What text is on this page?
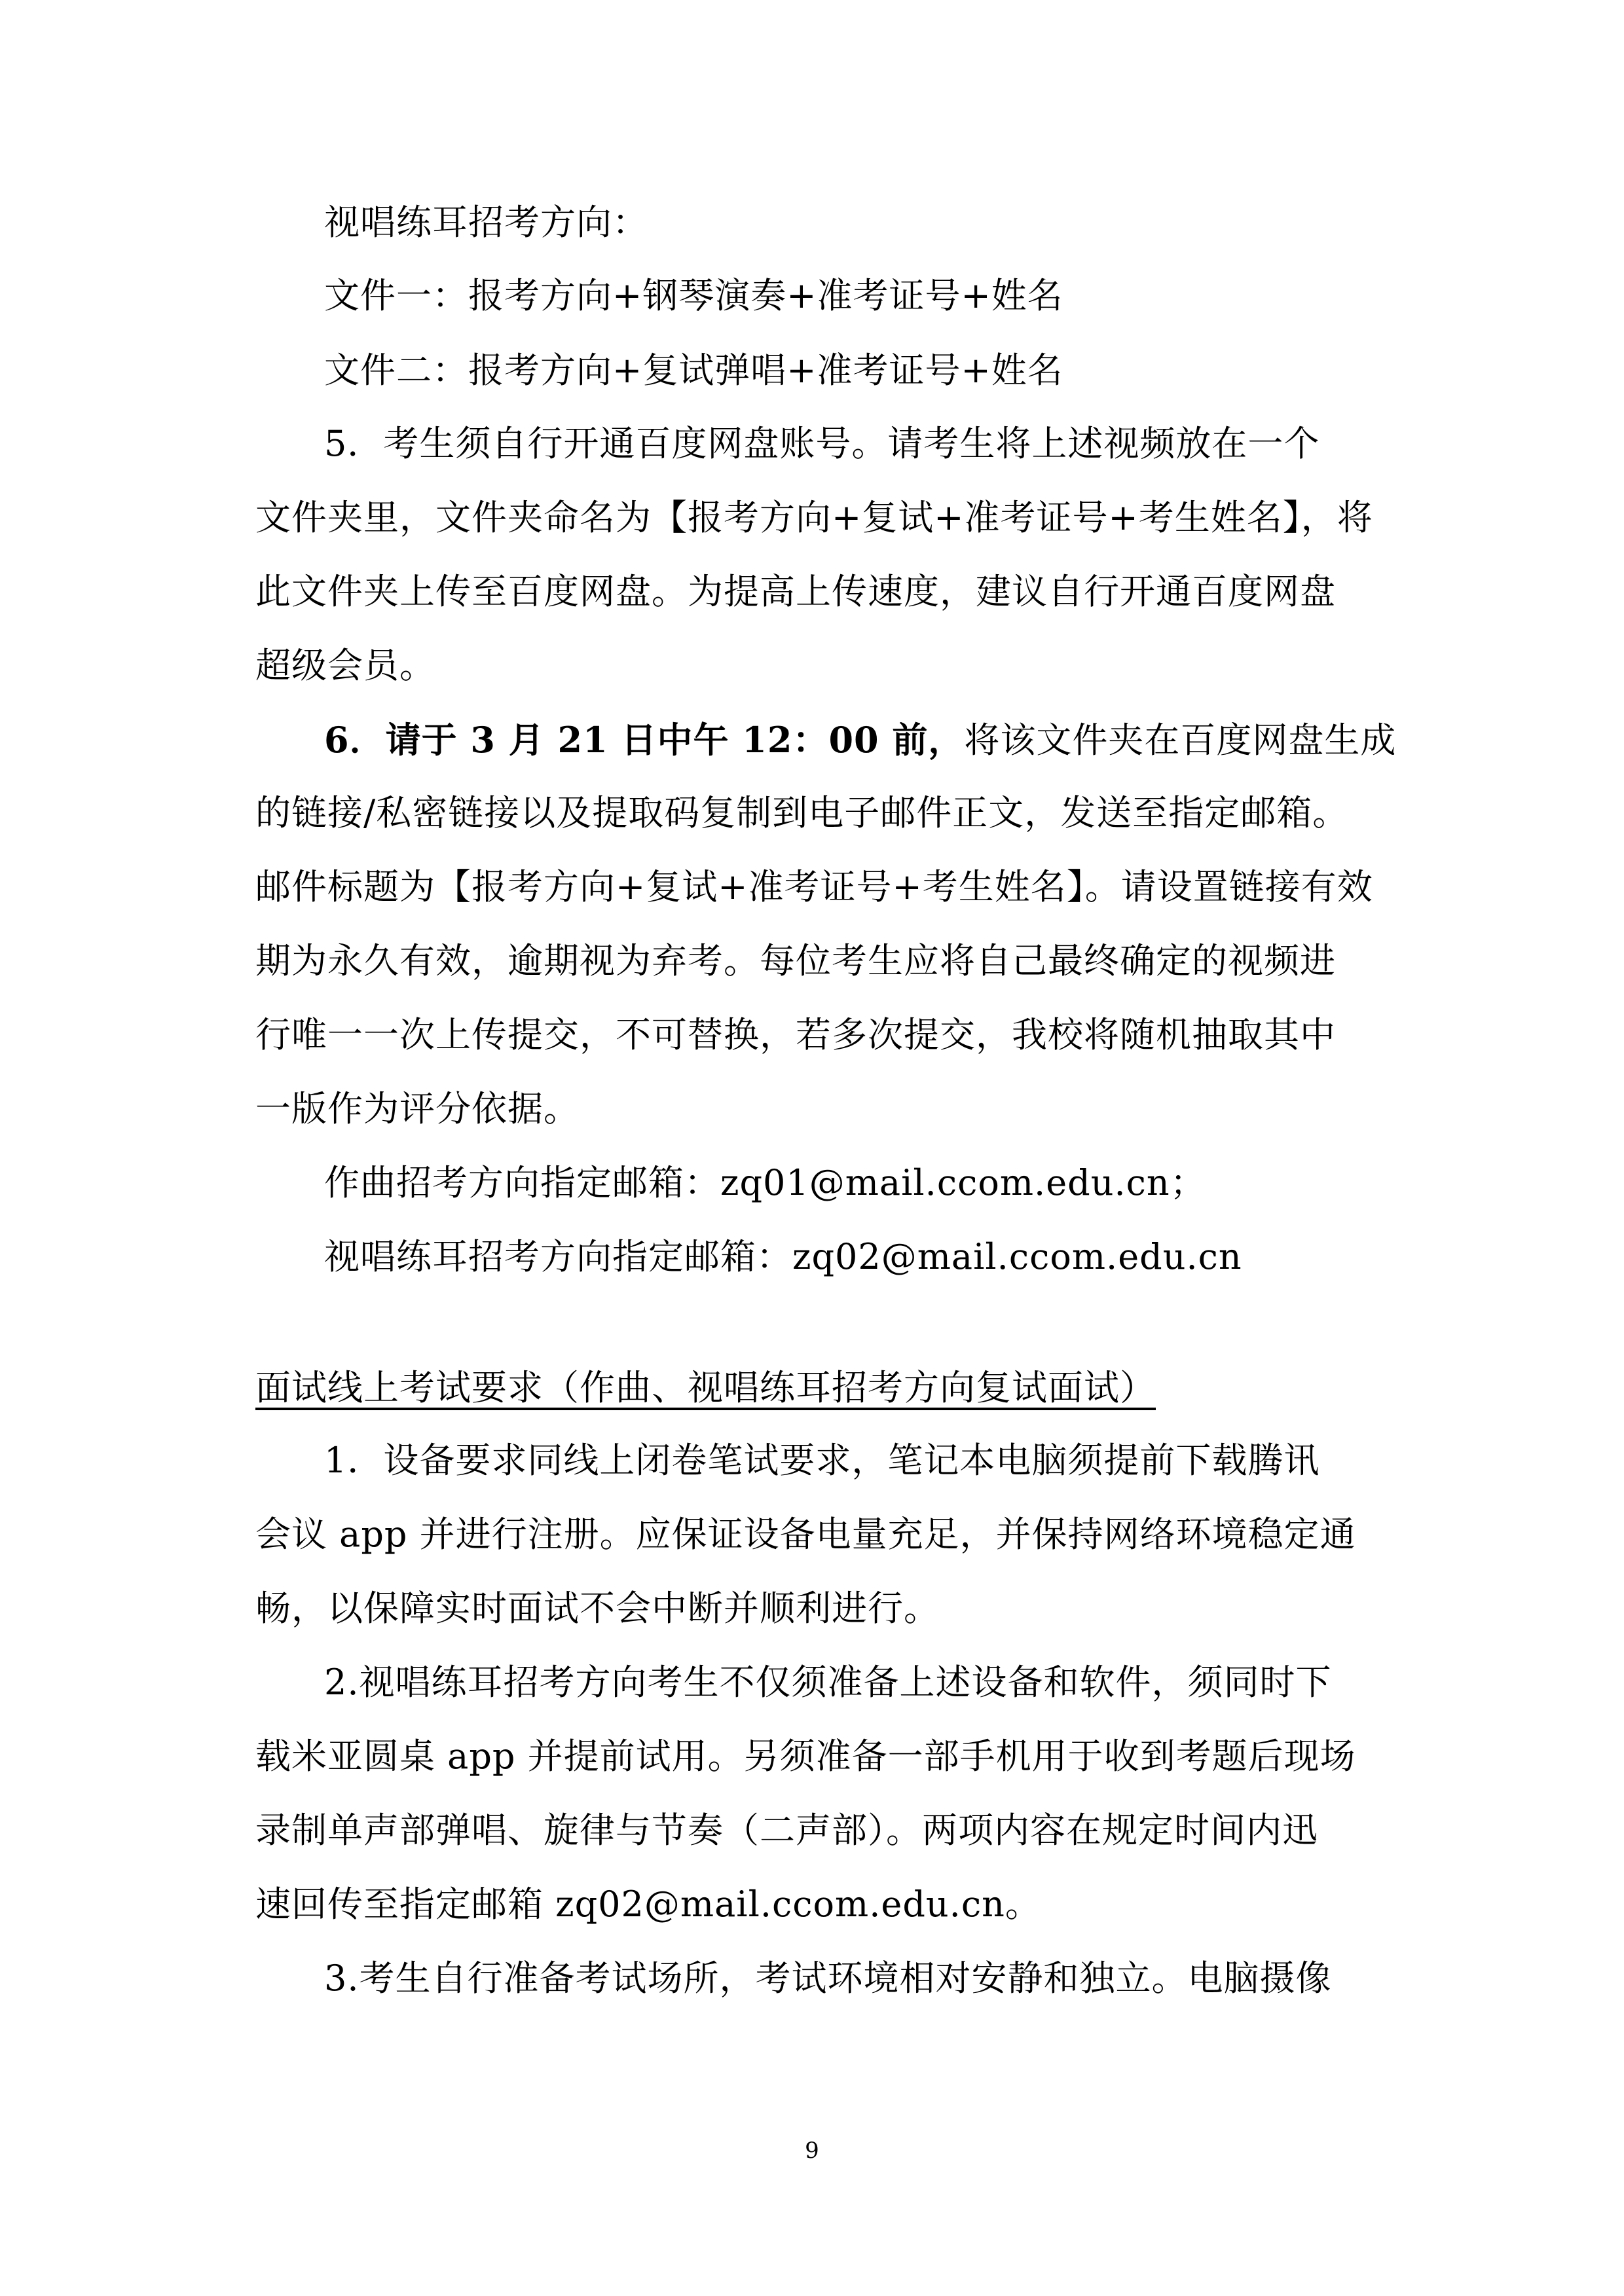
视唱练耳招考方向：
文件一：报考方向+钢琴演奏+准考证号+姓名
文件二：报考方向+复试弹唱+准考证号+姓名
5．考生须自行开通百度网盘账号。请考生将上述视频放在一个
文件夹里，文件夹命名为【报考方向+复试+准考证号+考生姓名】，将
此文件夹上传至百度网盘。为提高上传速度，建议自行开通百度网盘
超级会员。
6．请于 3 月 21 日中午 12：00 前，将该文件夹在百度网盘生成
的链接/私密链接以及提取码复制到电子邮件正文，发送至指定邮箱。
邮件标题为【报考方向+复试+准考证号+考生姓名】。请设置链接有效
期为永久有效，逾期视为弃考。每位考生应将自己最终确定的视频进
行唯一一次上传提交，不可替换，若多次提交，我校将随机抽取其中
一版作为评分依据。
作曲招考方向指定邮箱：zq01@mail.ccom.edu.cn；
视唱练耳招考方向指定邮箱：zq02@mail.ccom.edu.cn
面试线上考试要求（作曲、视唱练耳招考方向复试面试）
1．设备要求同线上闭卷笔试要求，笔记本电脑须提前下载腾讯
会议 app 并进行注册。应保证设备电量充足，并保持网络环境稳定通
畅，以保障实时面试不会中断并顺利进行。
2.视唱练耳招考方向考生不仅须准备上述设备和软件，须同时下
载米亚圆桌 app 并提前试用。另须准备一部手机用于收到考题后现场
录制单声部弹唱、旋律与节奏（二声部）。两项内容在规定时间内迅
速回传至指定邮箱 zq02@mail.ccom.edu.cn。
3.考生自行准备考试场所，考试环境相对安静和独立。电脑摄像
9
